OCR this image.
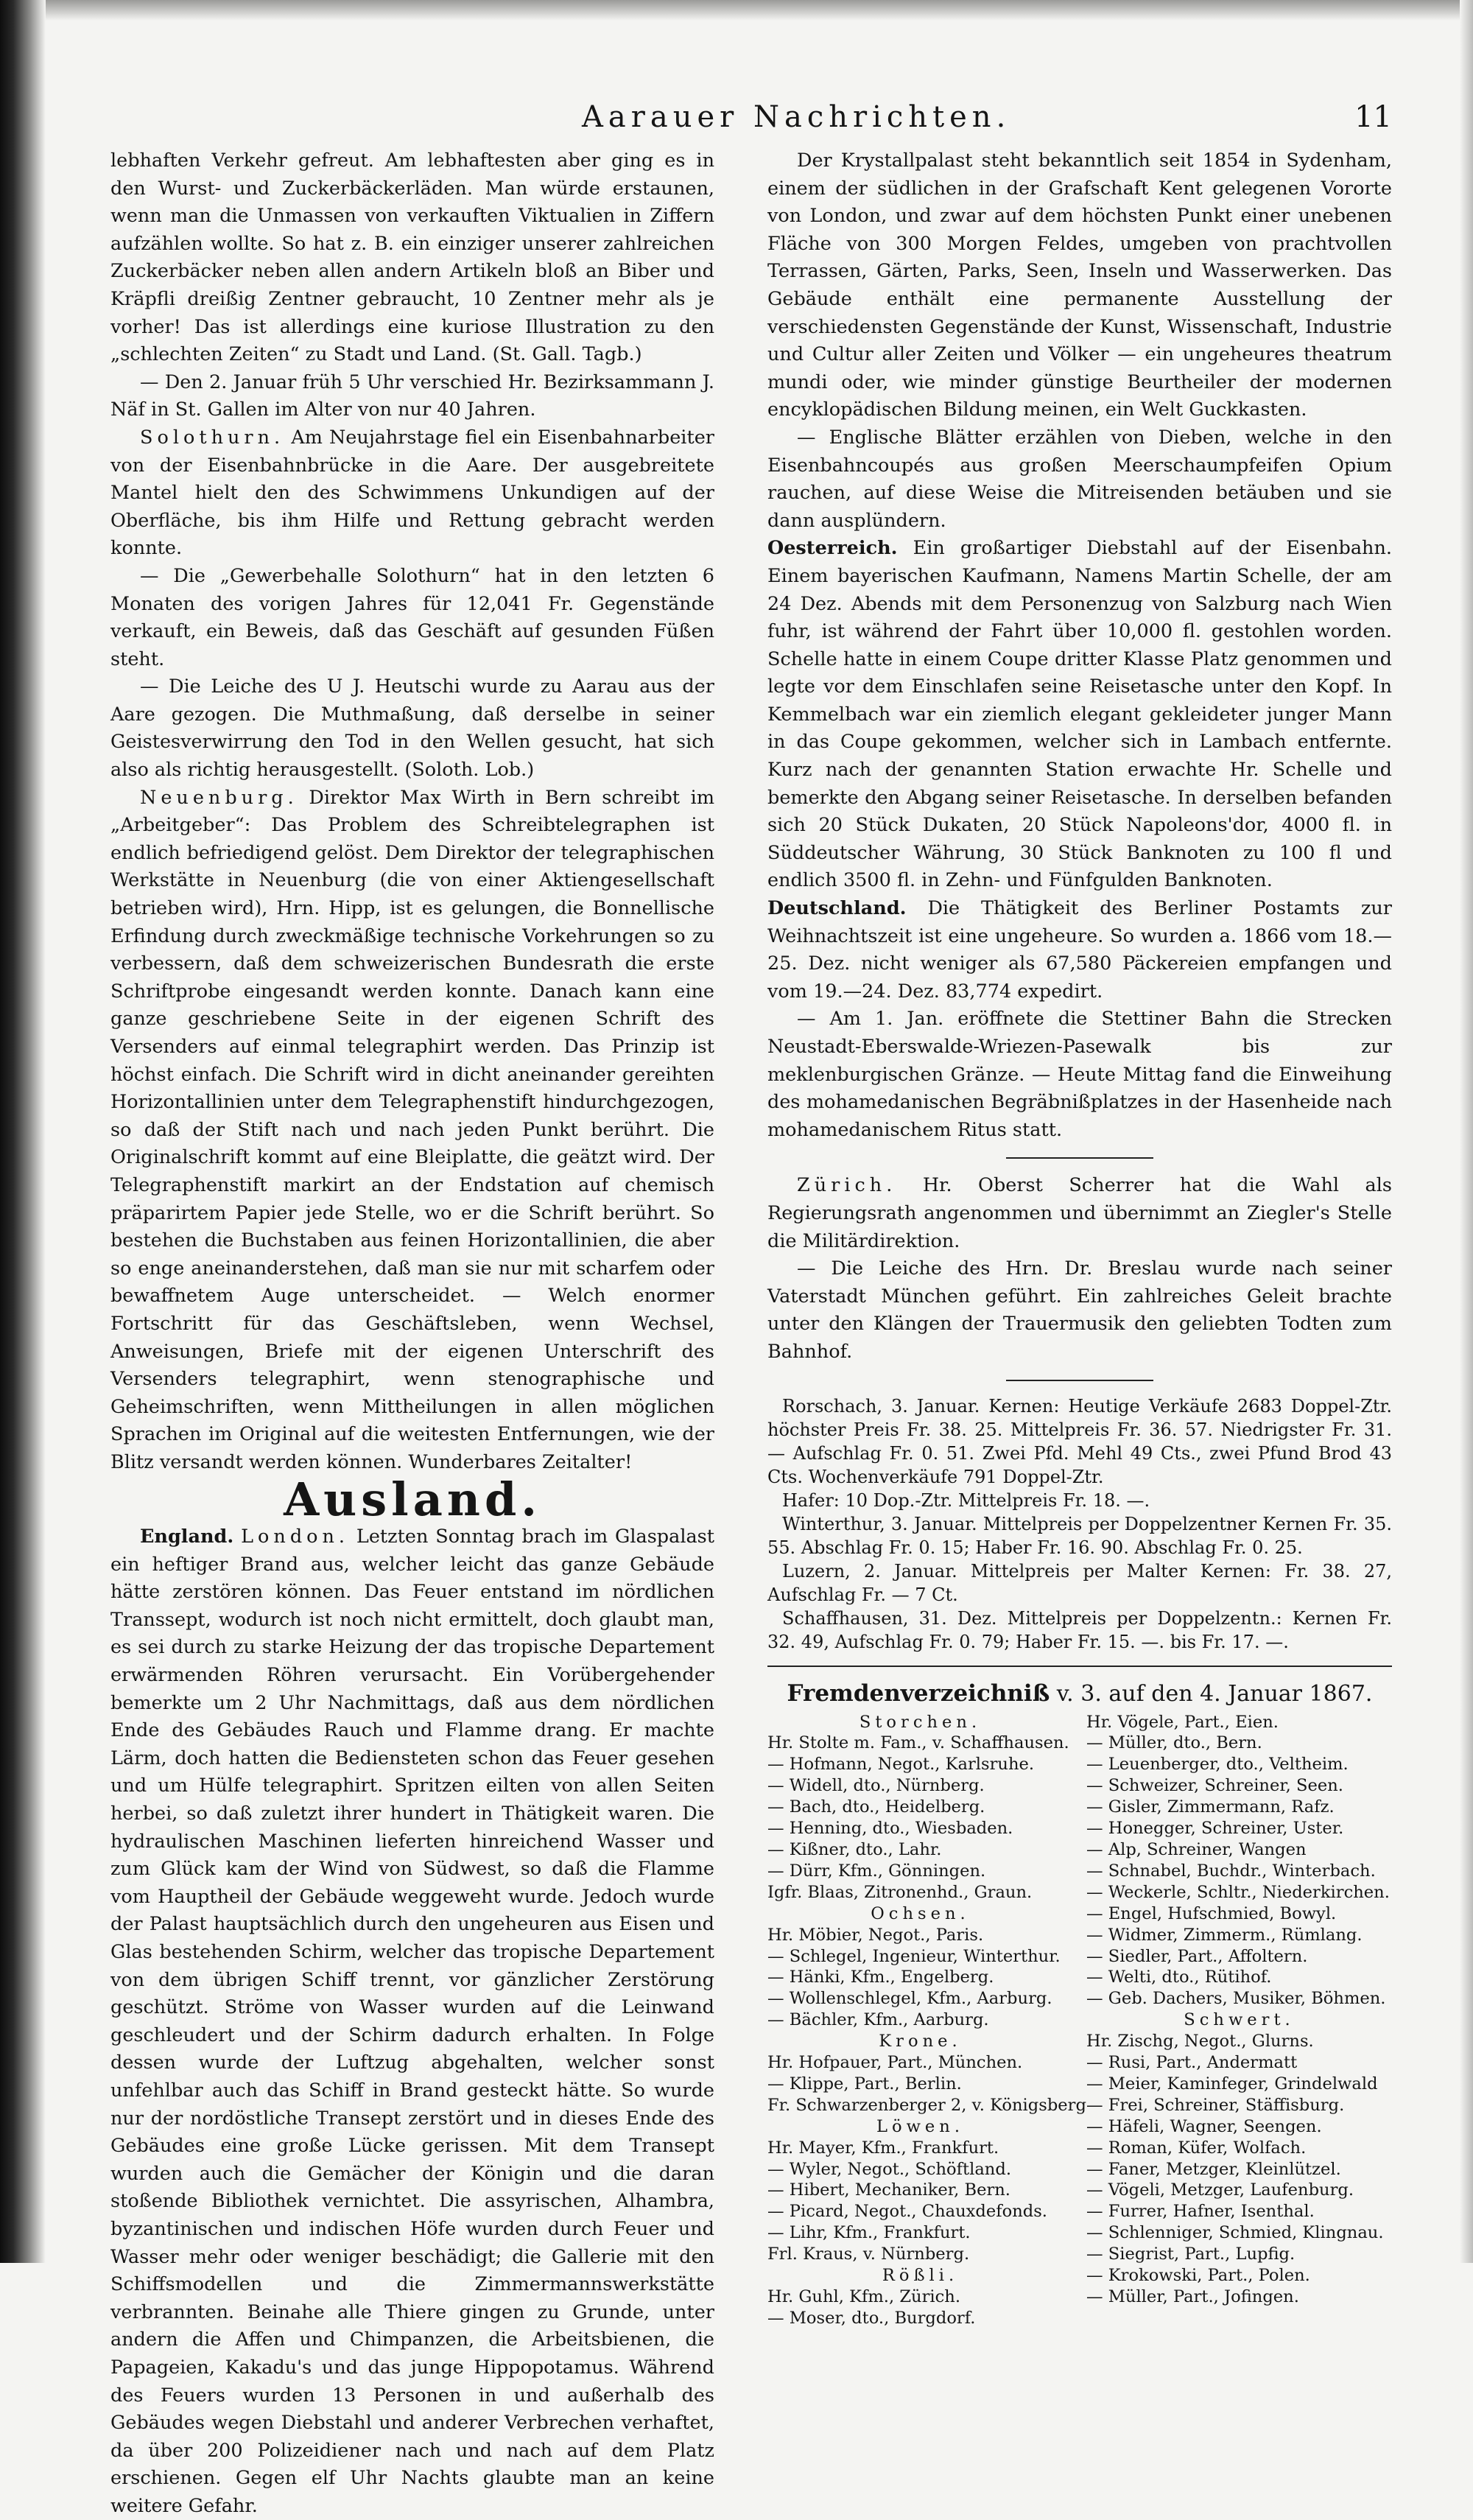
Aarauer Nachrichten.	11

lebhaften Verkehr gefreut. Am lebhaftesten aber ging es in den Wurst- und Zuckerbäckerläden. Man würde erstaunen, wenn man die Unmassen von verkauften Viktualien in Ziffern aufzählen wollte. So hat z. B. ein einziger unserer zahlreichen Zuckerbäcker neben allen andern Artikeln bloß an Biber und Kräpfli dreißig Zentner gebraucht, 10 Zentner mehr als je vorher! Das ist allerdings eine kuriose Illustration zu den „schlechten Zeiten“ zu Stadt und Land. (St. Gall. Tagb.)

— Den 2. Januar früh 5 Uhr verschied Hr. Bezirksammann J. Näf in St. Gallen im Alter von nur 40 Jahren.

Solothurn. Am Neujahrstage fiel ein Eisenbahnarbeiter von der Eisenbahnbrücke in die Aare. Der ausgebreitete Mantel hielt den des Schwimmens Unkundigen auf der Oberfläche, bis ihm Hilfe und Rettung gebracht werden konnte.

— Die „Gewerbehalle Solothurn“ hat in den letzten 6 Monaten des vorigen Jahres für 12,041 Fr. Gegenstände verkauft, ein Beweis, daß das Geschäft auf gesunden Füßen steht.

— Die Leiche des U J. Heutschi wurde zu Aarau aus der Aare gezogen. Die Muthmaßung, daß derselbe in seiner Geistesverwirrung den Tod in den Wellen gesucht, hat sich also als richtig herausgestellt. (Soloth. Lob.)

Neuenburg. Direktor Max Wirth in Bern schreibt im „Arbeitgeber“: Das Problem des Schreibtelegraphen ist endlich befriedigend gelöst. Dem Direktor der telegraphischen Werkstätte in Neuenburg (die von einer Aktiengesellschaft betrieben wird), Hrn. Hipp, ist es gelungen, die Bonnellische Erfindung durch zweckmäßige technische Vorkehrungen so zu verbessern, daß dem schweizerischen Bundesrath die erste Schriftprobe eingesandt werden konnte. Danach kann eine ganze geschriebene Seite in der eigenen Schrift des Versenders auf einmal telegraphirt werden. Das Prinzip ist höchst einfach. Die Schrift wird in dicht aneinander gereihten Horizontallinien unter dem Telegraphenstift hindurchgezogen, so daß der Stift nach und nach jeden Punkt berührt. Die Originalschrift kommt auf eine Bleiplatte, die geätzt wird. Der Telegraphenstift markirt an der Endstation auf chemisch präparirtem Papier jede Stelle, wo er die Schrift berührt. So bestehen die Buchstaben aus feinen Horizontallinien, die aber so enge aneinanderstehen, daß man sie nur mit scharfem oder bewaffnetem Auge unterscheidet. — Welch enormer Fortschritt für das Geschäftsleben, wenn Wechsel, Anweisungen, Briefe mit der eigenen Unterschrift des Versenders telegraphirt, wenn stenographische und Geheimschriften, wenn Mittheilungen in allen möglichen Sprachen im Original auf die weitesten Entfernungen, wie der Blitz versandt werden können. Wunderbares Zeitalter!

Ausland.

England. London. Letzten Sonntag brach im Glaspalast ein heftiger Brand aus, welcher leicht das ganze Gebäude hätte zerstören können. Das Feuer entstand im nördlichen Transsept, wodurch ist noch nicht ermittelt, doch glaubt man, es sei durch zu starke Heizung der das tropische Departement erwärmenden Röhren verursacht. Ein Vorübergehender bemerkte um 2 Uhr Nachmittags, daß aus dem nördlichen Ende des Gebäudes Rauch und Flamme drang. Er machte Lärm, doch hatten die Bediensteten schon das Feuer gesehen und um Hülfe telegraphirt. Spritzen eilten von allen Seiten herbei, so daß zuletzt ihrer hundert in Thätigkeit waren. Die hydraulischen Maschinen lieferten hinreichend Wasser und zum Glück kam der Wind von Südwest, so daß die Flamme vom Hauptheil der Gebäude weggeweht wurde. Jedoch wurde der Palast hauptsächlich durch den ungeheuren aus Eisen und Glas bestehenden Schirm, welcher das tropische Departement von dem übrigen Schiff trennt, vor gänzlicher Zerstörung geschützt. Ströme von Wasser wurden auf die Leinwand geschleudert und der Schirm dadurch erhalten. In Folge dessen wurde der Luftzug abgehalten, welcher sonst unfehlbar auch das Schiff in Brand gesteckt hätte. So wurde nur der nordöstliche Transept zerstört und in dieses Ende des Gebäudes eine große Lücke gerissen. Mit dem Transept wurden auch die Gemächer der Königin und die daran stoßende Bibliothek vernichtet. Die assyrischen, Alhambra, byzantinischen und indischen Höfe wurden durch Feuer und Wasser mehr oder weniger beschädigt; die Gallerie mit den Schiffsmodellen und die Zimmermannswerkstätte verbrannten. Beinahe alle Thiere gingen zu Grunde, unter andern die Affen und Chimpanzen, die Arbeitsbienen, die Papageien, Kakadu's und das junge Hippopotamus. Während des Feuers wurden 13 Personen in und außerhalb des Gebäudes wegen Diebstahl und anderer Verbrechen verhaftet, da über 200 Polizeidiener nach und nach auf dem Platz erschienen. Gegen elf Uhr Nachts glaubte man an keine weitere Gefahr.

Der Krystallpalast steht bekanntlich seit 1854 in Sydenham, einem der südlichen in der Grafschaft Kent gelegenen Vororte von London, und zwar auf dem höchsten Punkt einer unebenen Fläche von 300 Morgen Feldes, umgeben von prachtvollen Terrassen, Gärten, Parks, Seen, Inseln und Wasserwerken. Das Gebäude enthält eine permanente Ausstellung der verschiedensten Gegenstände der Kunst, Wissenschaft, Industrie und Cultur aller Zeiten und Völker — ein ungeheures theatrum mundi oder, wie minder günstige Beurtheiler der modernen encyklopädischen Bildung meinen, ein Welt Guckkasten.

— Englische Blätter erzählen von Dieben, welche in den Eisenbahncoupés aus großen Meerschaumpfeifen Opium rauchen, auf diese Weise die Mitreisenden betäuben und sie dann ausplündern.

Oesterreich. Ein großartiger Diebstahl auf der Eisenbahn. Einem bayerischen Kaufmann, Namens Martin Schelle, der am 24 Dez. Abends mit dem Personenzug von Salzburg nach Wien fuhr, ist während der Fahrt über 10,000 fl. gestohlen worden. Schelle hatte in einem Coupe dritter Klasse Platz genommen und legte vor dem Einschlafen seine Reisetasche unter den Kopf. In Kemmelbach war ein ziemlich elegant gekleideter junger Mann in das Coupe gekommen, welcher sich in Lambach entfernte. Kurz nach der genannten Station erwachte Hr. Schelle und bemerkte den Abgang seiner Reisetasche. In derselben befanden sich 20 Stück Dukaten, 20 Stück Napoleons'dor, 4000 fl. in Süddeutscher Währung, 30 Stück Banknoten zu 100 fl und endlich 3500 fl. in Zehn- und Fünfgulden Banknoten.

Deutschland. Die Thätigkeit des Berliner Postamts zur Weihnachtszeit ist eine ungeheure. So wurden a. 1866 vom 18.—25. Dez. nicht weniger als 67,580 Päckereien empfangen und vom 19.—24. Dez. 83,774 expedirt.

— Am 1. Jan. eröffnete die Stettiner Bahn die Strecken Neustadt-Eberswalde-Wriezen-Pasewalk bis zur meklenburgischen Gränze. — Heute Mittag fand die Einweihung des mohamedanischen Begräbnißplatzes in der Hasenheide nach mohamedanischem Ritus statt.

Zürich. Hr. Oberst Scherrer hat die Wahl als Regierungsrath angenommen und übernimmt an Ziegler's Stelle die Militärdirektion.

— Die Leiche des Hrn. Dr. Breslau wurde nach seiner Vaterstadt München geführt. Ein zahlreiches Geleit brachte unter den Klängen der Trauermusik den geliebten Todten zum Bahnhof.

Rorschach, 3. Januar. Kernen: Heutige Verkäufe 2683 Doppel-Ztr. höchster Preis Fr. 38. 25. Mittelpreis Fr. 36. 57. Niedrigster Fr. 31. — Aufschlag Fr. 0. 51. Zwei Pfd. Mehl 49 Cts., zwei Pfund Brod 43 Cts. Wochenverkäufe 791 Doppel-Ztr.

Hafer: 10 Dop.-Ztr. Mittelpreis Fr. 18. —.

Winterthur, 3. Januar. Mittelpreis per Doppelzentner Kernen Fr. 35. 55. Abschlag Fr. 0. 15; Haber Fr. 16. 90. Abschlag Fr. 0. 25.

Luzern, 2. Januar. Mittelpreis per Malter Kernen: Fr. 38. 27, Aufschlag Fr. — 7 Ct.

Schaffhausen, 31. Dez. Mittelpreis per Doppelzentn.: Kernen Fr. 32. 49, Aufschlag Fr. 0. 79; Haber Fr. 15. —. bis Fr. 17. —.

Fremdenverzeichniß v. 3. auf den 4. Januar 1867.
Storchen.
Hr. Stolte m. Fam., v. Schaffhausen.
— Hofmann, Negot., Karlsruhe.
— Widell, dto., Nürnberg.
— Bach, dto., Heidelberg.
— Henning, dto., Wiesbaden.
— Kißner, dto., Lahr.
— Dürr, Kfm., Gönningen.
Igfr. Blaas, Zitronenhd., Graun.
Ochsen.
Hr. Möbier, Negot., Paris.
— Schlegel, Ingenieur, Winterthur.
— Hänki, Kfm., Engelberg.
— Wollenschlegel, Kfm., Aarburg.
— Bächler, Kfm., Aarburg.
Krone.
Hr. Hofpauer, Part., München.
— Klippe, Part., Berlin.
Fr. Schwarzenberger 2, v. Königsberg
Löwen.
Hr. Mayer, Kfm., Frankfurt.
— Wyler, Negot., Schöftland.
— Hibert, Mechaniker, Bern.
— Picard, Negot., Chauxdefonds.
— Lihr, Kfm., Frankfurt.
Frl. Kraus, v. Nürnberg.
Rößli.
Hr. Guhl, Kfm., Zürich.
— Moser, dto., Burgdorf.
Hr. Vögele, Part., Eien.
— Müller, dto., Bern.
— Leuenberger, dto., Veltheim.
— Schweizer, Schreiner, Seen.
— Gisler, Zimmermann, Rafz.
— Honegger, Schreiner, Uster.
— Alp, Schreiner, Wangen
— Schnabel, Buchdr., Winterbach.
— Weckerle, Schltr., Niederkirchen.
— Engel, Hufschmied, Bowyl.
— Widmer, Zimmerm., Rümlang.
— Siedler, Part., Affoltern.
— Welti, dto., Rütihof.
— Geb. Dachers, Musiker, Böhmen.
Schwert.
Hr. Zischg, Negot., Glurns.
— Rusi, Part., Andermatt
— Meier, Kaminfeger, Grindelwald
— Frei, Schreiner, Stäffisburg.
— Häfeli, Wagner, Seengen.
— Roman, Küfer, Wolfach.
— Faner, Metzger, Kleinlützel.
— Vögeli, Metzger, Laufenburg.
— Furrer, Hafner, Isenthal.
— Schlenniger, Schmied, Klingnau.
— Siegrist, Part., Lupfig.
— Krokowski, Part., Polen.
— Müller, Part., Jofingen.
